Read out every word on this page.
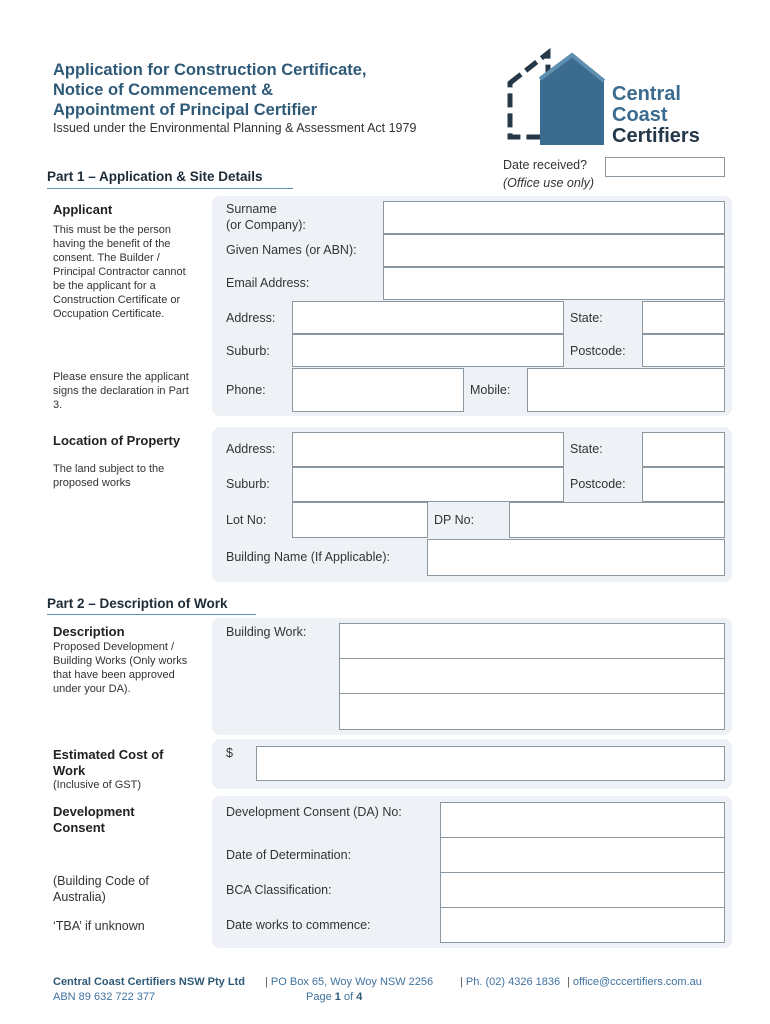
Application for Construction Certificate,
Notice of Commencement &
Appointment of Principal Certifier
Issued under the Environmental Planning & Assessment Act 1979
Central
Coast
Certifiers
Date received?
(Office use only)
Part 1 – Application & Site Details
Applicant
This must be the person having the benefit of the consent. The Builder / Principal Contractor cannot be the applicant for a Construction Certificate or Occupation Certificate.
Please ensure the applicant signs the declaration in Part 3.
Surname
(or Company):
Given Names (or ABN):
Email Address:
Address:	State:
Suburb:	Postcode:
Phone:	Mobile:
Location of Property
The land subject to the proposed works
Address:	State:
Suburb:	Postcode:
Lot No:	DP No:
Building Name (If Applicable):
Part 2 – Description of Work
Description
Proposed Development / Building Works (Only works that have been approved under your DA).
Building Work:
Estimated Cost of
Work
(Inclusive of GST)
$
Development
Consent
(Building Code of Australia)
‘TBA’ if unknown
Development Consent (DA) No:
Date of Determination:
BCA Classification:
Date works to commence:
Central Coast Certifiers NSW Pty Ltd
ABN 89 632 722 377
| PO Box 65, Woy Woy NSW 2256 | Ph. (02) 4326 1836 | office@cccertifiers.com.au
Page 1 of 4
